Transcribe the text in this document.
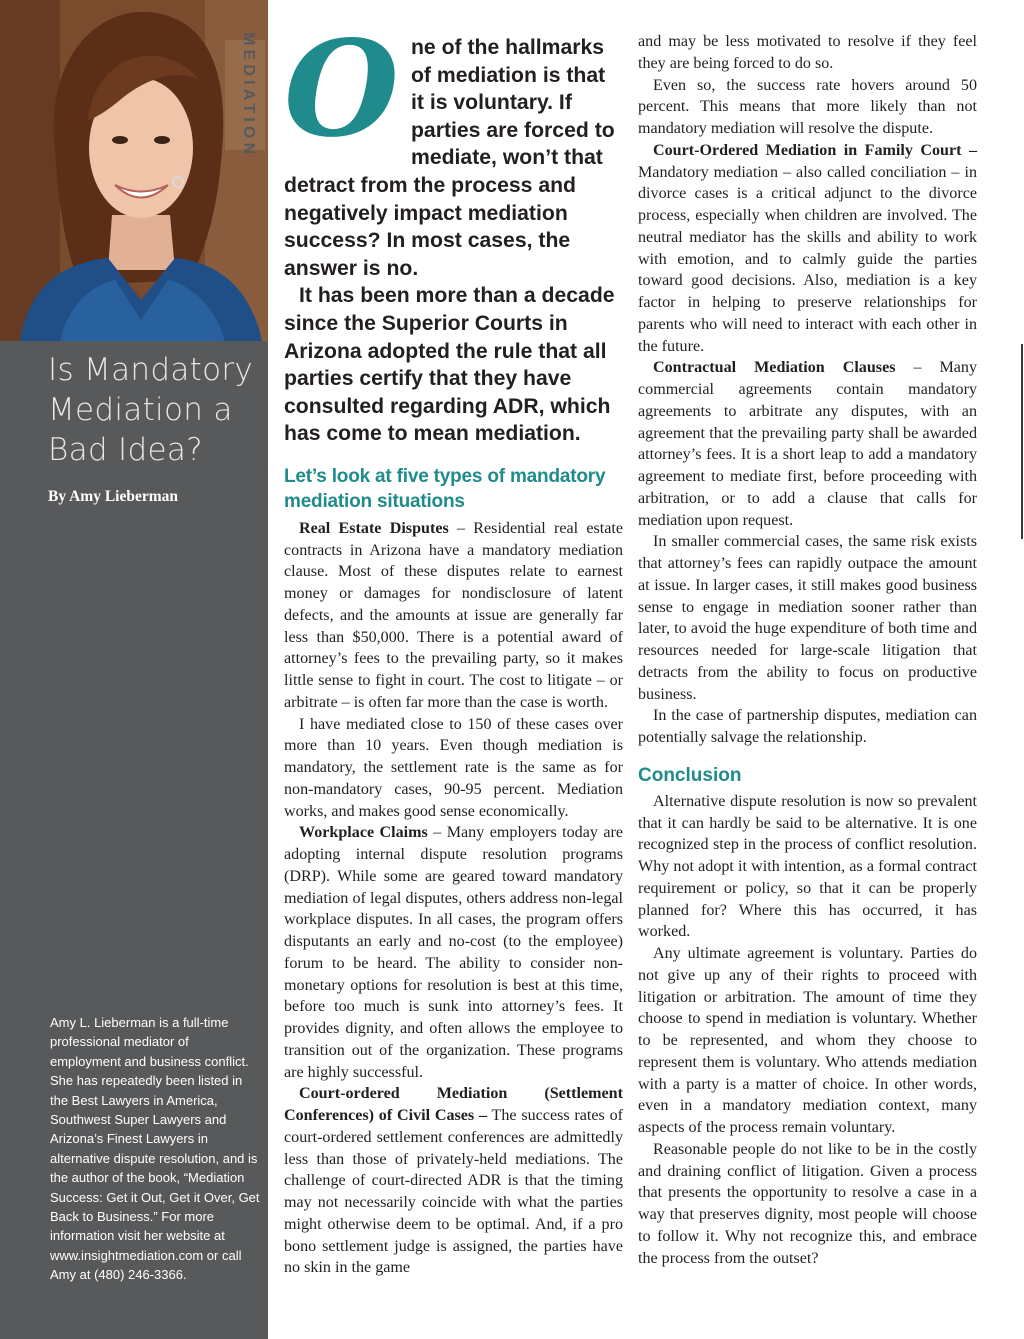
Is Mandatory Mediation a Bad Idea?
By Amy Lieberman
Amy L. Lieberman is a full-time professional mediator of employment and business conflict. She has repeatedly been listed in the Best Lawyers in America, Southwest Super Lawyers and Arizona’s Finest Lawyers in alternative dispute resolution, and is the author of the book, “Mediation Success: Get it Out, Get it Over, Get Back to Business.” For more information visit her website at www.insightmediation.com or call Amy at (480) 246-3366.
MEDIATION O ne of the hallmarks of mediation is that it is voluntary. If parties are forced to mediate, won’t that detract from the process and negatively impact mediation success? In most cases, the answer is no.

It has been more than a decade since the Superior Courts in Arizona adopted the rule that all parties certify that they have consulted regarding ADR, which has come to mean mediation.

Let’s look at five types of mandatory mediation situations

Real Estate Disputes – Residential real estate contracts in Arizona have a mandatory mediation clause. Most of these disputes relate to earnest money or damages for nondisclosure of latent defects, and the amounts at issue are generally far less than $50,000. There is a potential award of attorney’s fees to the prevailing party, so it makes little sense to fight in court. The cost to litigate – or arbitrate – is often far more than the case is worth.

I have mediated close to 150 of these cases over more than 10 years. Even though mediation is mandatory, the settlement rate is the same as for non-mandatory cases, 90-95 percent. Mediation works, and makes good sense economically.

Workplace Claims – Many employers today are adopting internal dispute resolution programs (DRP). While some are geared toward mandatory mediation of legal disputes, others address non-legal workplace disputes. In all cases, the program offers disputants an early and no-cost (to the employee) forum to be heard. The ability to consider non-monetary options for resolution is best at this time, before too much is sunk into attorney’s fees. It provides dignity, and often allows the employee to transition out of the organization. These programs are highly successful.

Court-ordered Mediation (Settlement Conferences) of Civil Cases – The success rates of court-ordered settlement conferences are admittedly less than those of privately-held mediations. The challenge of court-directed ADR is that the timing may not necessarily coincide with what the parties might otherwise deem to be optimal. And, if a pro bono settlement judge is assigned, the parties have no skin in the game

and may be less motivated to resolve if they feel they are being forced to do so.

Even so, the success rate hovers around 50 percent. This means that more likely than not mandatory mediation will resolve the dispute.

Court-Ordered Mediation in Family Court – Mandatory mediation – also called conciliation – in divorce cases is a critical adjunct to the divorce process, especially when children are involved. The neutral mediator has the skills and ability to work with emotion, and to calmly guide the parties toward good decisions. Also, mediation is a key factor in helping to preserve relationships for parents who will need to interact with each other in the future.

Contractual Mediation Clauses – Many commercial agreements contain mandatory agreements to arbitrate any disputes, with an agreement that the prevailing party shall be awarded attorney’s fees. It is a short leap to add a mandatory agreement to mediate first, before proceeding with arbitration, or to add a clause that calls for mediation upon request.

In smaller commercial cases, the same risk exists that attorney’s fees can rapidly outpace the amount at issue. In larger cases, it still makes good business sense to engage in mediation sooner rather than later, to avoid the huge expenditure of both time and resources needed for large-scale litigation that detracts from the ability to focus on productive business.

In the case of partnership disputes, mediation can potentially salvage the relationship.

Conclusion

Alternative dispute resolution is now so prevalent that it can hardly be said to be alternative. It is one recognized step in the process of conflict resolution. Why not adopt it with intention, as a formal contract requirement or policy, so that it can be properly planned for? Where this has occurred, it has worked.

Any ultimate agreement is voluntary. Parties do not give up any of their rights to proceed with litigation or arbitration. The amount of time they choose to spend in mediation is voluntary. Whether to be represented, and whom they choose to represent them is voluntary. Who attends mediation with a party is a matter of choice. In other words, even in a mandatory mediation context, many aspects of the process remain voluntary.

Reasonable people do not like to be in the costly and draining conflict of litigation. Given a process that presents the opportunity to resolve a case in a way that preserves dignity, most people will choose to follow it. Why not recognize this, and embrace the process from the outset?
